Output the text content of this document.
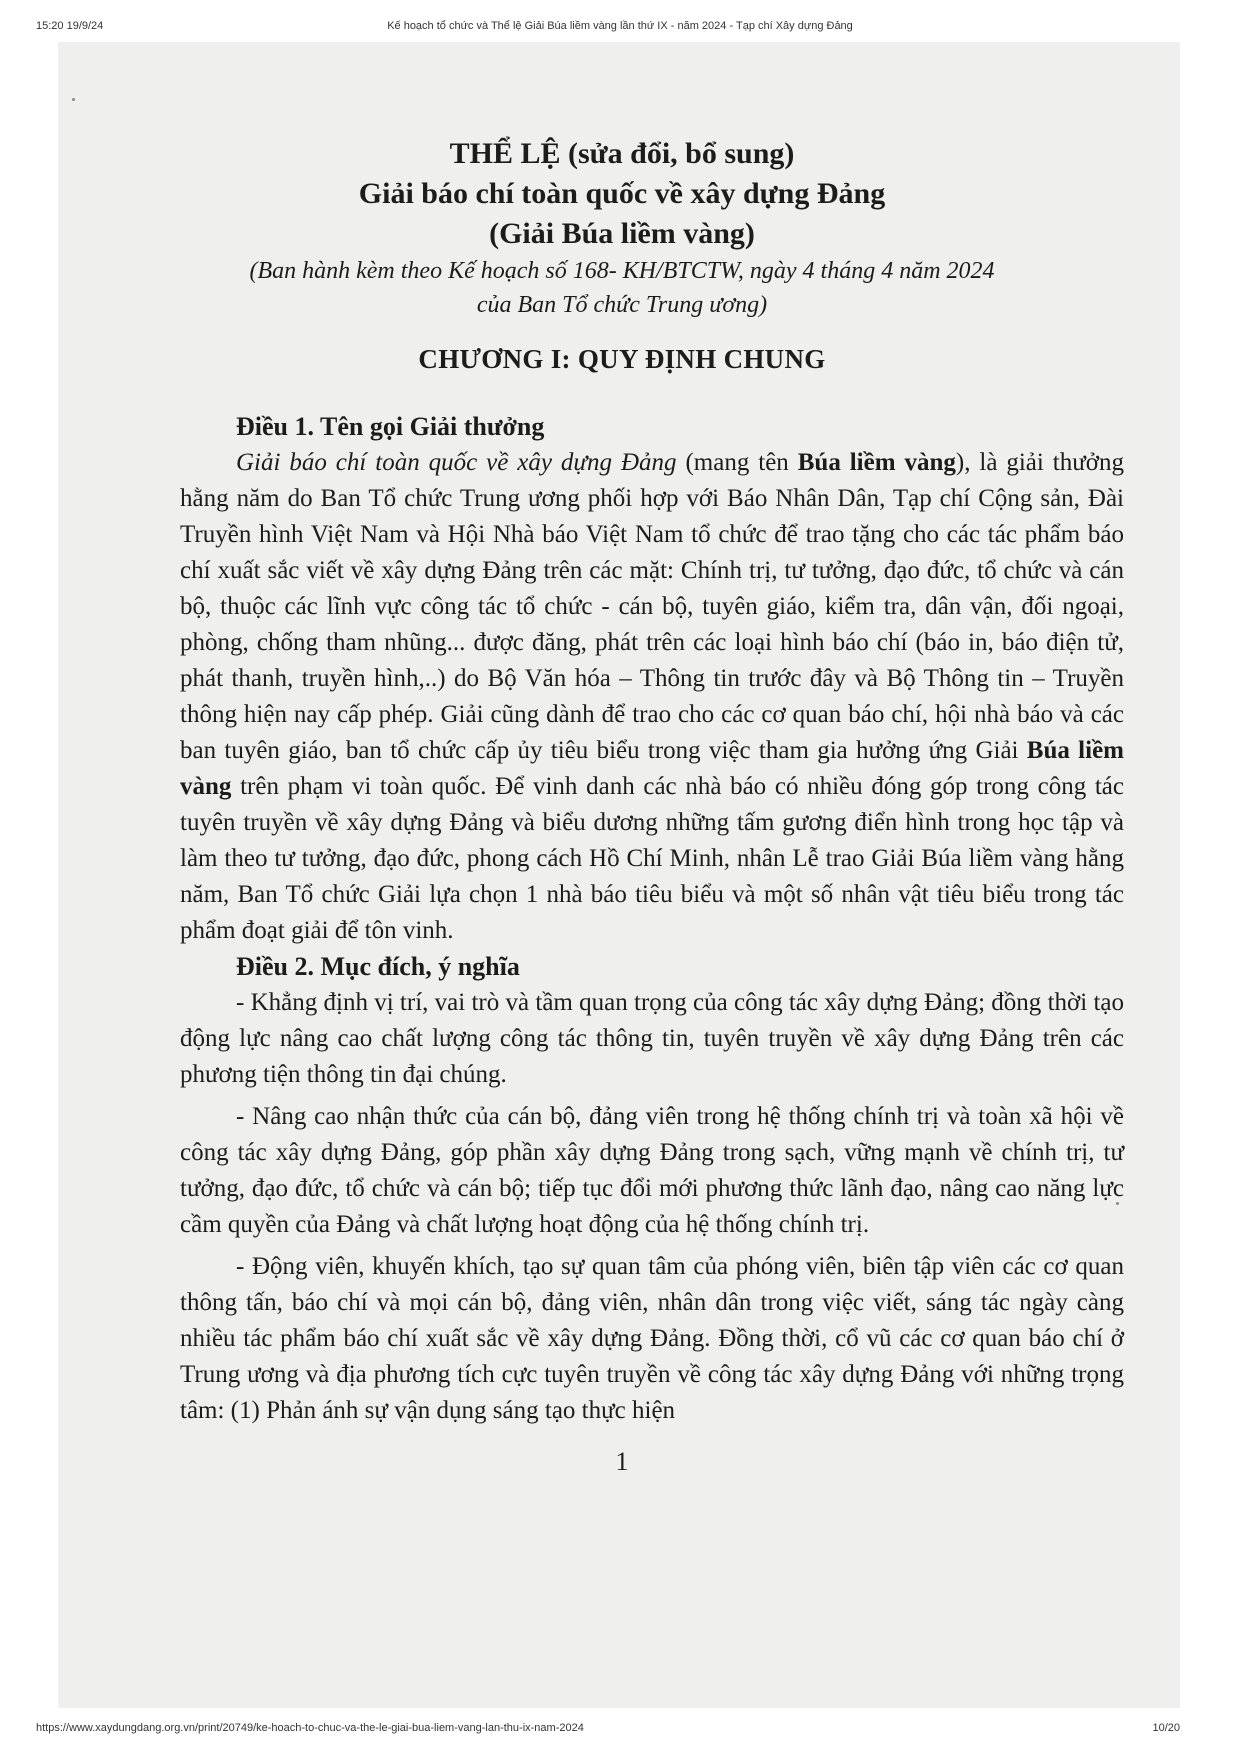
15:20 19/9/24	Kế hoạch tổ chức và Thể lệ Giải Búa liềm vàng lần thứ IX - năm 2024 - Tạp chí Xây dựng Đảng
THỂ LỆ (sửa đổi, bổ sung)
Giải báo chí toàn quốc về xây dựng Đảng
(Giải Búa liềm vàng)
(Ban hành kèm theo Kế hoạch số 168- KH/BTCTW, ngày 4 tháng 4 năm 2024
của Ban Tổ chức Trung ương)
CHƯƠNG I: QUY ĐỊNH CHUNG
Điều 1. Tên gọi Giải thưởng

Giải báo chí toàn quốc về xây dựng Đảng (mang tên Búa liềm vàng), là giải thưởng hằng năm do Ban Tổ chức Trung ương phối hợp với Báo Nhân Dân, Tạp chí Cộng sản, Đài Truyền hình Việt Nam và Hội Nhà báo Việt Nam tổ chức để trao tặng cho các tác phẩm báo chí xuất sắc viết về xây dựng Đảng trên các mặt: Chính trị, tư tưởng, đạo đức, tổ chức và cán bộ, thuộc các lĩnh vực công tác tổ chức - cán bộ, tuyên giáo, kiểm tra, dân vận, đối ngoại, phòng, chống tham nhũng... được đăng, phát trên các loại hình báo chí (báo in, báo điện tử, phát thanh, truyền hình,..) do Bộ Văn hóa – Thông tin trước đây và Bộ Thông tin – Truyền thông hiện nay cấp phép. Giải cũng dành để trao cho các cơ quan báo chí, hội nhà báo và các ban tuyên giáo, ban tổ chức cấp ủy tiêu biểu trong việc tham gia hưởng ứng Giải Búa liềm vàng trên phạm vi toàn quốc. Để vinh danh các nhà báo có nhiều đóng góp trong công tác tuyên truyền về xây dựng Đảng và biểu dương những tấm gương điển hình trong học tập và làm theo tư tưởng, đạo đức, phong cách Hồ Chí Minh, nhân Lễ trao Giải Búa liềm vàng hằng năm, Ban Tổ chức Giải lựa chọn 1 nhà báo tiêu biểu và một số nhân vật tiêu biểu trong tác phẩm đoạt giải để tôn vinh.

Điều 2. Mục đích, ý nghĩa

- Khẳng định vị trí, vai trò và tầm quan trọng của công tác xây dựng Đảng; đồng thời tạo động lực nâng cao chất lượng công tác thông tin, tuyên truyền về xây dựng Đảng trên các phương tiện thông tin đại chúng.

- Nâng cao nhận thức của cán bộ, đảng viên trong hệ thống chính trị và toàn xã hội về công tác xây dựng Đảng, góp phần xây dựng Đảng trong sạch, vững mạnh về chính trị, tư tưởng, đạo đức, tổ chức và cán bộ; tiếp tục đổi mới phương thức lãnh đạo, nâng cao năng lực cầm quyền của Đảng và chất lượng hoạt động của hệ thống chính trị.

- Động viên, khuyến khích, tạo sự quan tâm của phóng viên, biên tập viên các cơ quan thông tấn, báo chí và mọi cán bộ, đảng viên, nhân dân trong việc viết, sáng tác ngày càng nhiều tác phẩm báo chí xuất sắc về xây dựng Đảng. Đồng thời, cổ vũ các cơ quan báo chí ở Trung ương và địa phương tích cực tuyên truyền về công tác xây dựng Đảng với những trọng tâm: (1) Phản ánh sự vận dụng sáng tạo thực hiện

1
https://www.xaydungdang.org.vn/print/20749/ke-hoach-to-chuc-va-the-le-giai-bua-liem-vang-lan-thu-ix-nam-2024	10/20
